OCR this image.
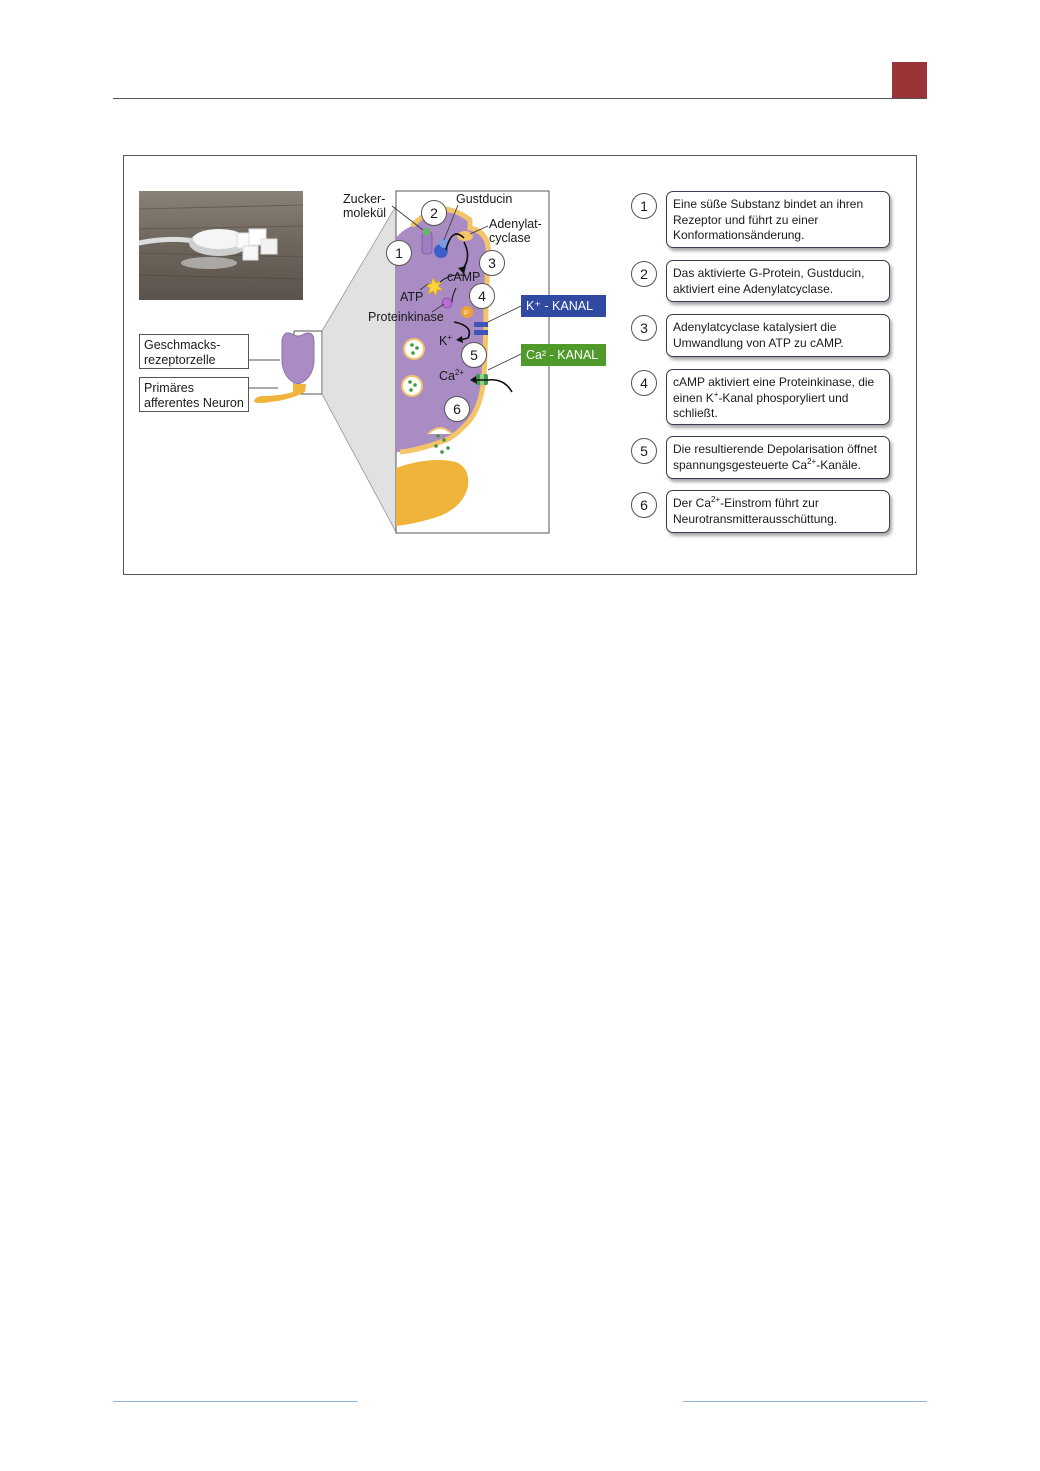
Geschmacks-
rezeptorzelle
Primäres
afferentes Neuron
Zucker-
molekül
Gustducin
Adenylat-
cyclase
cAMP
ATP
Proteinkinase
K+
$Ca^{2+}$
P
1
2
3
4
5
6
K⁺ - KANAL
Ca² - KANAL
1	Eine süße Substanz bindet an ihren Rezeptor und führt zu einer Konformationsänderung.
2	Das aktivierte G-Protein, Gustducin, aktiviert eine Adenylatcyclase.
3	Adenylatcyclase katalysiert die Umwandlung von ATP zu cAMP.
4	cAMP aktiviert eine Proteinkinase, die einen K+-Kanal phosporyliert und schließt.
5	Die resultierende Depolarisation öffnet spannungsgesteuerte $Ca^{2+}$-Kanäle.
6	Der $Ca^{2+}$-Einstrom führt zur Neurotransmitterausschüttung.
